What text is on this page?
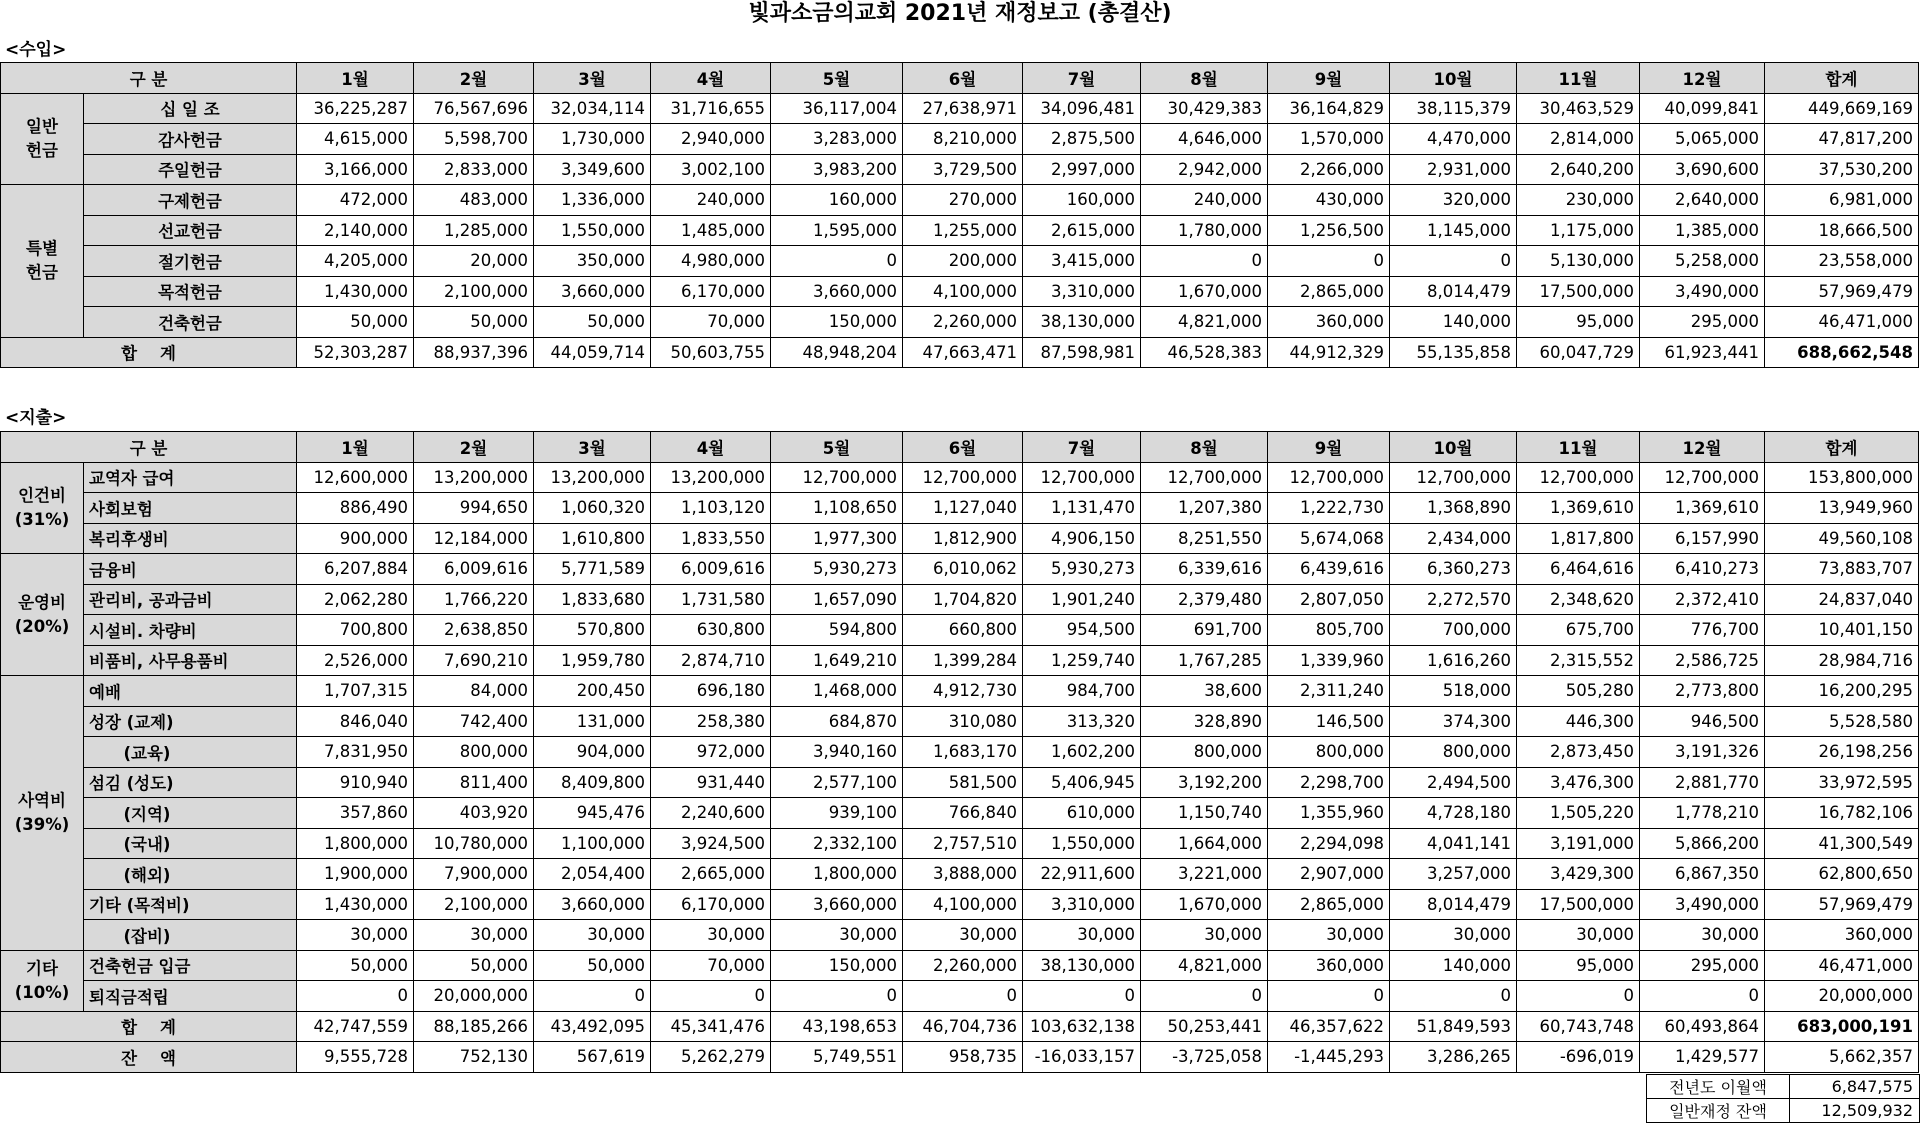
빛과소금의교회 2021년 재정보고 (총결산)
<수입>
구 분		1월	2월	3월	4월	5월	6월	7월	8월	9월	10월	11월	12월	합계
일반
헌금	십 일 조	36,225,287	76,567,696	32,034,114	31,716,655	36,117,004	27,638,971	34,096,481	30,429,383	36,164,829	38,115,379	30,463,529	40,099,841	449,669,169
	감사헌금	4,615,000	5,598,700	1,730,000	2,940,000	3,283,000	8,210,000	2,875,500	4,646,000	1,570,000	4,470,000	2,814,000	5,065,000	47,817,200
	주일헌금	3,166,000	2,833,000	3,349,600	3,002,100	3,983,200	3,729,500	2,997,000	2,942,000	2,266,000	2,931,000	2,640,200	3,690,600	37,530,200
특별
헌금	구제헌금	472,000	483,000	1,336,000	240,000	160,000	270,000	160,000	240,000	430,000	320,000	230,000	2,640,000	6,981,000
	선교헌금	2,140,000	1,285,000	1,550,000	1,485,000	1,595,000	1,255,000	2,615,000	1,780,000	1,256,500	1,145,000	1,175,000	1,385,000	18,666,500
	절기헌금	4,205,000	20,000	350,000	4,980,000	0	200,000	3,415,000	0	0	0	5,130,000	5,258,000	23,558,000
	목적헌금	1,430,000	2,100,000	3,660,000	6,170,000	3,660,000	4,100,000	3,310,000	1,670,000	2,865,000	8,014,479	17,500,000	3,490,000	57,969,479
	건축헌금	50,000	50,000	50,000	70,000	150,000	2,260,000	38,130,000	4,821,000	360,000	140,000	95,000	295,000	46,471,000
합    계		52,303,287	88,937,396	44,059,714	50,603,755	48,948,204	47,663,471	87,598,981	46,528,383	44,912,329	55,135,858	60,047,729	61,923,441	688,662,548
<지출>
구 분		1월	2월	3월	4월	5월	6월	7월	8월	9월	10월	11월	12월	합계
인건비
(31%)	교역자 급여	12,600,000	13,200,000	13,200,000	13,200,000	12,700,000	12,700,000	12,700,000	12,700,000	12,700,000	12,700,000	12,700,000	12,700,000	153,800,000
	사회보험	886,490	994,650	1,060,320	1,103,120	1,108,650	1,127,040	1,131,470	1,207,380	1,222,730	1,368,890	1,369,610	1,369,610	13,949,960
	복리후생비	900,000	12,184,000	1,610,800	1,833,550	1,977,300	1,812,900	4,906,150	8,251,550	5,674,068	2,434,000	1,817,800	6,157,990	49,560,108
운영비
(20%)	금융비	6,207,884	6,009,616	5,771,589	6,009,616	5,930,273	6,010,062	5,930,273	6,339,616	6,439,616	6,360,273	6,464,616	6,410,273	73,883,707
	관리비, 공과금비	2,062,280	1,766,220	1,833,680	1,731,580	1,657,090	1,704,820	1,901,240	2,379,480	2,807,050	2,272,570	2,348,620	2,372,410	24,837,040
	시설비. 차량비	700,800	2,638,850	570,800	630,800	594,800	660,800	954,500	691,700	805,700	700,000	675,700	776,700	10,401,150
	비품비, 사무용품비	2,526,000	7,690,210	1,959,780	2,874,710	1,649,210	1,399,284	1,259,740	1,767,285	1,339,960	1,616,260	2,315,552	2,586,725	28,984,716
사역비
(39%)	예배	1,707,315	84,000	200,450	696,180	1,468,000	4,912,730	984,700	38,600	2,311,240	518,000	505,280	2,773,800	16,200,295
	성장 (교제)	846,040	742,400	131,000	258,380	684,870	310,080	313,320	328,890	146,500	374,300	446,300	946,500	5,528,580
	(교육)	7,831,950	800,000	904,000	972,000	3,940,160	1,683,170	1,602,200	800,000	800,000	800,000	2,873,450	3,191,326	26,198,256
	섬김 (성도)	910,940	811,400	8,409,800	931,440	2,577,100	581,500	5,406,945	3,192,200	2,298,700	2,494,500	3,476,300	2,881,770	33,972,595
	(지역)	357,860	403,920	945,476	2,240,600	939,100	766,840	610,000	1,150,740	1,355,960	4,728,180	1,505,220	1,778,210	16,782,106
	(국내)	1,800,000	10,780,000	1,100,000	3,924,500	2,332,100	2,757,510	1,550,000	1,664,000	2,294,098	4,041,141	3,191,000	5,866,200	41,300,549
	(해외)	1,900,000	7,900,000	2,054,400	2,665,000	1,800,000	3,888,000	22,911,600	3,221,000	2,907,000	3,257,000	3,429,300	6,867,350	62,800,650
	기타 (목적비)	1,430,000	2,100,000	3,660,000	6,170,000	3,660,000	4,100,000	3,310,000	1,670,000	2,865,000	8,014,479	17,500,000	3,490,000	57,969,479
	(잡비)	30,000	30,000	30,000	30,000	30,000	30,000	30,000	30,000	30,000	30,000	30,000	30,000	360,000
기타
(10%)	건축헌금 입금	50,000	50,000	50,000	70,000	150,000	2,260,000	38,130,000	4,821,000	360,000	140,000	95,000	295,000	46,471,000
	퇴직금적립	0	20,000,000	0	0	0	0	0	0	0	0	0	0	20,000,000
합    계		42,747,559	88,185,266	43,492,095	45,341,476	43,198,653	46,704,736	103,632,138	50,253,441	46,357,622	51,849,593	60,743,748	60,493,864	683,000,191
잔    액		9,555,728	752,130	567,619	5,262,279	5,749,551	958,735	-16,033,157	-3,725,058	-1,445,293	3,286,265	-696,019	1,429,577	5,662,357
전년도 이월액	6,847,575
일반재정 잔액	12,509,932
